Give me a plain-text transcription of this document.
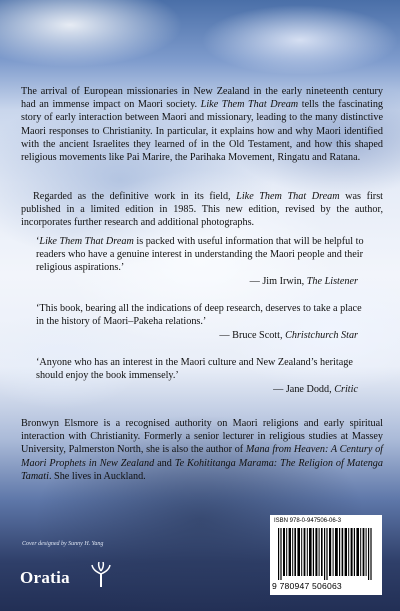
The arrival of European missionaries in New Zealand in the early nineteenth century had an immense impact on Maori society. Like Them That Dream tells the fascinating story of early interaction between Maori and missionary, leading to the many distinctive Maori responses to Christianity. In particular, it explains how and why Maori identified with the ancient Israelites they learned of in the Old Testament, and how this shaped religious movements like Pai Marire, the Parihaka Movement, Ringatu and Ratana.

Regarded as the definitive work in its field, Like Them That Dream was first published in a limited edition in 1985. This new edition, revised by the author, incorporates further research and additional photographs.

‘Like Them That Dream is packed with useful information that will be helpful to readers who have a genuine interest in understanding the Maori people and their religious aspirations.’

— Jim Irwin, The Listener

‘This book, bearing all the indications of deep research, deserves to take a place in the history of Maori–Pakeha relations.’

— Bruce Scott, Christchurch Star

‘Anyone who has an interest in the Maori culture and New Zealand’s heritage should enjoy the book immensely.’

— Jane Dodd, Critic

Bronwyn Elsmore is a recognised authority on Maori religions and early spiritual interaction with Christianity. Formerly a senior lecturer in religious studies at Massey University, Palmerston North, she is also the author of Mana from Heaven: A Century of Maori Prophets in New Zealand and Te Kohititanga Marama: The Religion of Matenga Tamati. She lives in Auckland.

Cover designed by Sunny H. Yang

Oratia

ISBN 978-0-947506-06-3

9 780947 506063
